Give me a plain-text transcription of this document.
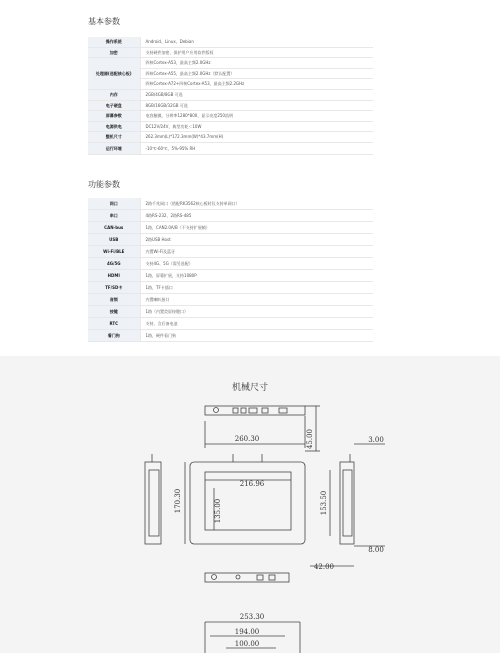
基本参数
操作系统	Android、Linux、Debian
加密	支持硬件加密，保护用户应用软件版权
处理器(选配核心板)	四核Cortex-A53，最高主频2.0GHz
	四核Cortex-A55，最高主频2.0GHz（默认配置）
	四核Cortex-A72+四核Cortex-A53，最高主频2.2GHz
内存	2GB/4GB/8GB 可选
电子硬盘	8GB/16GB/32GB 可选
屏幕参数	电容触摸，分辨率1280*800，显示亮度250流明
电源供电	DC12V/24V，典型功耗＜10W
整机尺寸	262.3mm(L)*172.3mm(W)*43.7mm(H)
运行环境	-10℃-60℃，5%-95% RH
功能参数
网口	2路千兆网口（搭配RK3562核心板时仅支持单网口）
串口	4路RS-232、2路RS-485
CAN-bus	1路，CAN2.0A/B（不支持扩展帧）
USB	2路USB Host
Wi-Fi/BLE	内置Wi-Fi及蓝牙
4G/5G	支持4G、5G（需另选配）
HDMI	1路，屏幕扩展，支持1080P
TF/SD卡	1路，TF卡插口
音频	内置喇叭接口
按键	1路（内置荧屏按键口）
RTC	支持，含后备电池
看门狗	1路，硬件看门狗
机械尺寸
45.00
260.30
216.96
170.30	135.00	153.50
3.00
8.00
42.00
253.30
194.00
100.00
